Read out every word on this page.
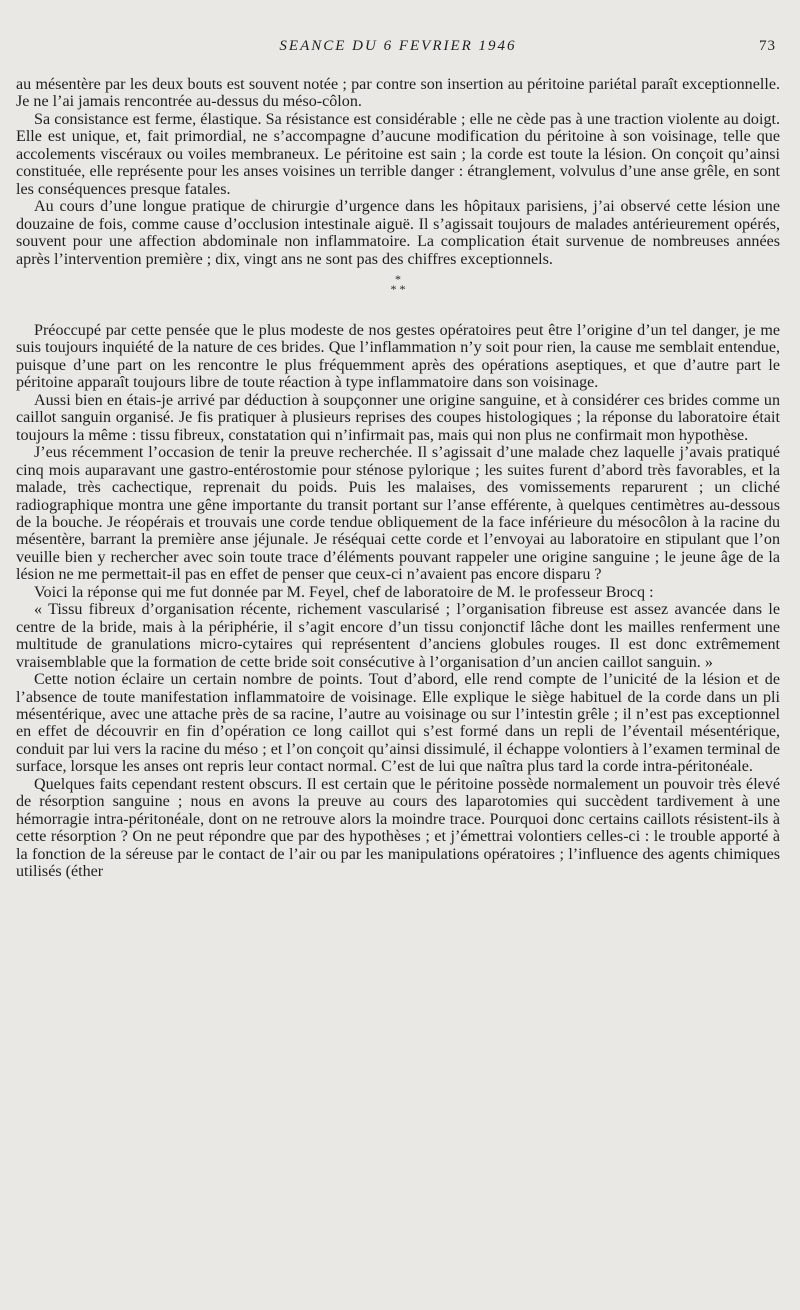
SEANCE DU 6 FEVRIER 1946	73

au mésentère par les deux bouts est souvent notée ; par contre son insertion au péritoine pariétal paraît exceptionnelle. Je ne l’ai jamais rencontrée au-dessus du méso-côlon.

Sa consistance est ferme, élastique. Sa résistance est considérable ; elle ne cède pas à une traction violente au doigt. Elle est unique, et, fait primordial, ne s’accompagne d’aucune modification du péritoine à son voisinage, telle que accolements viscéraux ou voiles membraneux. Le péritoine est sain ; la corde est toute la lésion. On conçoit qu’ainsi constituée, elle représente pour les anses voisines un terrible danger : étranglement, volvulus d’une anse grêle, en sont les conséquences presque fatales.

Au cours d’une longue pratique de chirurgie d’urgence dans les hôpitaux parisiens, j’ai observé cette lésion une douzaine de fois, comme cause d’occlusion intestinale aiguë. Il s’agissait toujours de malades antérieurement opérés, souvent pour une affection abdominale non inflammatoire. La complication était survenue de nombreuses années après l’intervention première ; dix, vingt ans ne sont pas des chiffres exceptionnels.

*
* *

Préoccupé par cette pensée que le plus modeste de nos gestes opératoires peut être l’origine d’un tel danger, je me suis toujours inquiété de la nature de ces brides. Que l’inflammation n’y soit pour rien, la cause me semblait entendue, puisque d’une part on les rencontre le plus fréquemment après des opérations aseptiques, et que d’autre part le péritoine apparaît toujours libre de toute réaction à type inflammatoire dans son voisinage.

Aussi bien en étais-je arrivé par déduction à soupçonner une origine sanguine, et à considérer ces brides comme un caillot sanguin organisé. Je fis pratiquer à plusieurs reprises des coupes histologiques ; la réponse du laboratoire était toujours la même : tissu fibreux, constatation qui n’infirmait pas, mais qui non plus ne confirmait mon hypothèse.

J’eus récemment l’occasion de tenir la preuve recherchée. Il s’agissait d’une malade chez laquelle j’avais pratiqué cinq mois auparavant une gastro-entérostomie pour sténose pylorique ; les suites furent d’abord très favorables, et la malade, très cachectique, reprenait du poids. Puis les malaises, des vomissements reparurent ; un cliché radiographique montra une gêne importante du transit portant sur l’anse efférente, à quelques centimètres au-dessous de la bouche. Je réopérais et trouvais une corde tendue obliquement de la face inférieure du mésocôlon à la racine du mésentère, barrant la première anse jéjunale. Je réséquai cette corde et l’envoyai au laboratoire en stipulant que l’on veuille bien y rechercher avec soin toute trace d’éléments pouvant rappeler une origine sanguine ; le jeune âge de la lésion ne me permettait-il pas en effet de penser que ceux-ci n’avaient pas encore disparu ?

Voici la réponse qui me fut donnée par M. Feyel, chef de laboratoire de M. le professeur Brocq :

« Tissu fibreux d’organisation récente, richement vascularisé ; l’organisation fibreuse est assez avancée dans le centre de la bride, mais à la périphérie, il s’agit encore d’un tissu conjonctif lâche dont les mailles renferment une multitude de granulations micro-cytaires qui représentent d’anciens globules rouges. Il est donc extrêmement vraisemblable que la formation de cette bride soit consécutive à l’organisation d’un ancien caillot sanguin. »

Cette notion éclaire un certain nombre de points. Tout d’abord, elle rend compte de l’unicité de la lésion et de l’absence de toute manifestation inflammatoire de voisinage. Elle explique le siège habituel de la corde dans un pli mésentérique, avec une attache près de sa racine, l’autre au voisinage ou sur l’intestin grêle ; il n’est pas exceptionnel en effet de découvrir en fin d’opération ce long caillot qui s’est formé dans un repli de l’éventail mésentérique, conduit par lui vers la racine du méso ; et l’on conçoit qu’ainsi dissimulé, il échappe volontiers à l’examen terminal de surface, lorsque les anses ont repris leur contact normal. C’est de lui que naîtra plus tard la corde intra-péritonéale.

Quelques faits cependant restent obscurs. Il est certain que le péritoine possède normalement un pouvoir très élevé de résorption sanguine ; nous en avons la preuve au cours des laparotomies qui succèdent tardivement à une hémorragie intra-péritonéale, dont on ne retrouve alors la moindre trace. Pourquoi donc certains caillots résistent-ils à cette résorption ? On ne peut répondre que par des hypothèses ; et j’émettrai volontiers celles-ci : le trouble apporté à la fonction de la séreuse par le contact de l’air ou par les manipulations opératoires ; l’influence des agents chimiques utilisés (éther
